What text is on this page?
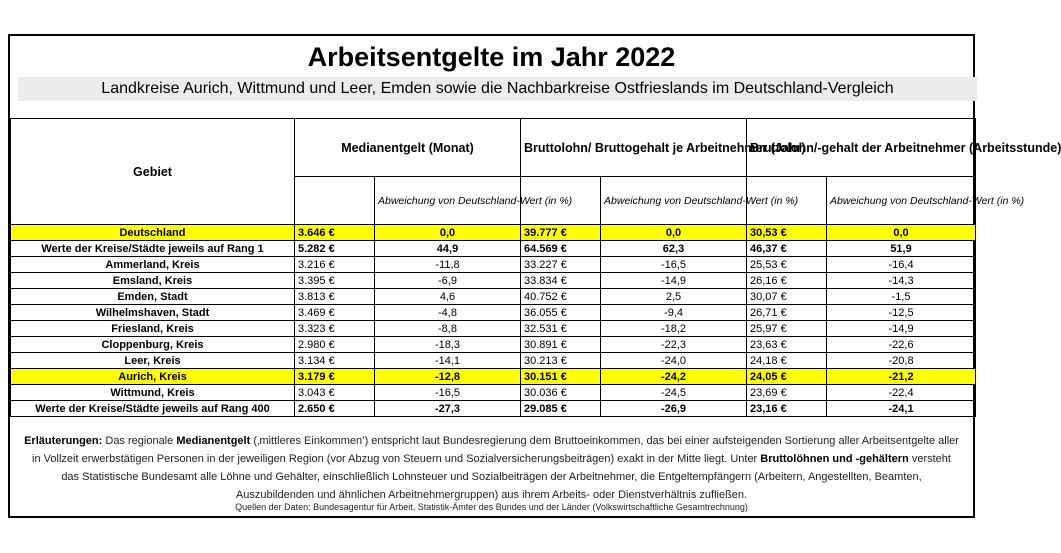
Arbeitsentgelte im Jahr 2022
Landkreise Aurich, Wittmund und Leer, Emden sowie die Nachbarkreise Ostfrieslands im Deutschland-Vergleich
Gebiet	Medianentgelt (Monat)		Bruttolohn/ Bruttogehalt je Arbeitnehmer (Jahr)		Bruttolohn/-gehalt der Arbeitnehmer (Arbeitsstunde)	
		Abweichung von Deutschland-Wert (in %)		Abweichung von Deutschland-Wert (in %)		Abweichung von Deutschland-Wert (in %)
Deutschland	3.646 €	0,0	39.777 €	0,0	30,53 €	0,0
Werte der Kreise/Städte jeweils auf Rang 1	5.282 €	44,9	64.569 €	62,3	46,37 €	51,9
Ammerland, Kreis	3.216 €	-11,8	33.227 €	-16,5	25,53 €	-16,4
Emsland, Kreis	3.395 €	-6,9	33.834 €	-14,9	26,16 €	-14,3
Emden, Stadt	3.813 €	4,6	40.752 €	2,5	30,07 €	-1,5
Wilhelmshaven, Stadt	3.469 €	-4,8	36.055 €	-9,4	26,71 €	-12,5
Friesland, Kreis	3.323 €	-8,8	32.531 €	-18,2	25,97 €	-14,9
Cloppenburg, Kreis	2.980 €	-18,3	30.891 €	-22,3	23,63 €	-22,6
Leer, Kreis	3.134 €	-14,1	30.213 €	-24,0	24,18 €	-20,8
Aurich, Kreis	3.179 €	-12,8	30.151 €	-24,2	24,05 €	-21,2
Wittmund, Kreis	3.043 €	-16,5	30.036 €	-24,5	23,69 €	-22,4
Werte der Kreise/Städte jeweils auf Rang 400	2.650 €	-27,3	29.085 €	-26,9	23,16 €	-24,1
Erläuterungen: Das regionale Medianentgelt (‚mittleres Einkommen’) entspricht laut Bundesregierung dem Bruttoeinkommen, das bei einer aufsteigenden Sortierung aller Arbeitsentgelte aller in Vollzeit erwerbstätigen Personen in der jeweiligen Region (vor Abzug von Steuern und Sozialversicherungsbeiträgen) exakt in der Mitte liegt. Unter Bruttolöhnen und -gehältern versteht das Statistische Bundesamt alle Löhne und Gehälter, einschließlich Lohnsteuer und Sozialbeiträgen der Arbeitnehmer, die Entgeltempfängern (Arbeitern, Angestellten, Beamten, Auszubildenden und ähnlichen Arbeitnehmergruppen) aus ihrem Arbeits- oder Dienstverhältnis zufließen.
Quellen der Daten: Bundesagentur für Arbeit, Statistik-Ämter des Bundes und der Länder (Volkswirtschaftliche Gesamtrechnung)
